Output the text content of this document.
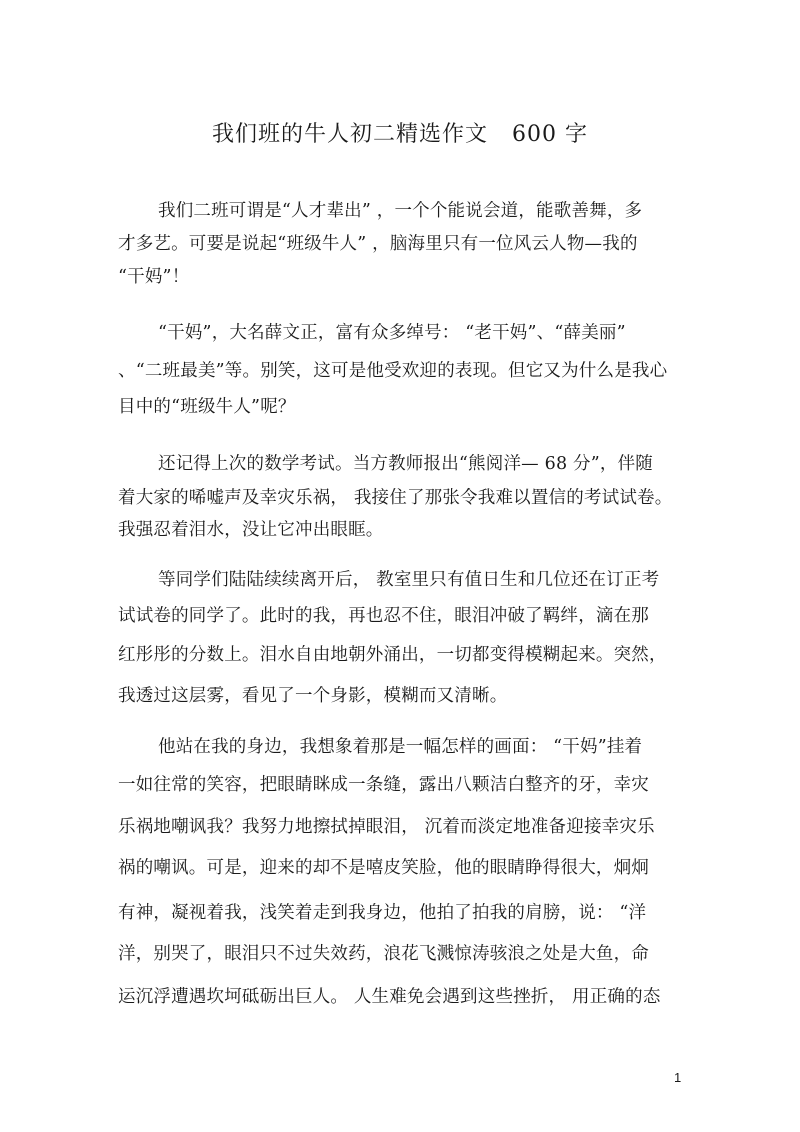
我们班的牛人初二精选作文 600 字
我们二班可谓是“人才辈出” ，一个个能说会道，能歌善舞，多
才多艺。可要是说起“班级牛人” ，脑海里只有一位风云人物—我的
“干妈”！
“干妈”，大名薛文正，富有众多绰号： “老干妈”、“薛美丽”
、“二班最美”等。别笑，这可是他受欢迎的表现。但它又为什么是我心
目中的“班级牛人”呢？
还记得上次的数学考试。当方教师报出“熊阅洋— 68 分”，伴随
着大家的唏嘘声及幸灾乐祸， 我接住了那张令我难以置信的考试试卷。
我强忍着泪水，没让它冲出眼眶。
等同学们陆陆续续离开后， 教室里只有值日生和几位还在订正考
试试卷的同学了。此时的我，再也忍不住，眼泪冲破了羁绊，滴在那
红彤彤的分数上。泪水自由地朝外涌出，一切都变得模糊起来。突然，
我透过这层雾，看见了一个身影，模糊而又清晰。
他站在我的身边，我想象着那是一幅怎样的画面： “干妈”挂着
一如往常的笑容，把眼睛眯成一条缝，露出八颗洁白整齐的牙，幸灾
乐祸地嘲讽我？我努力地擦拭掉眼泪， 沉着而淡定地准备迎接幸灾乐
祸的嘲讽。可是，迎来的却不是嘻皮笑脸，他的眼睛睁得很大，炯炯
有神，凝视着我，浅笑着走到我身边，他拍了拍我的肩膀，说： “洋
洋，别哭了，眼泪只不过失效药，浪花飞溅惊涛骇浪之处是大鱼，命
运沉浮遭遇坎坷砥砺出巨人。 人生难免会遇到这些挫折， 用正确的态
1
